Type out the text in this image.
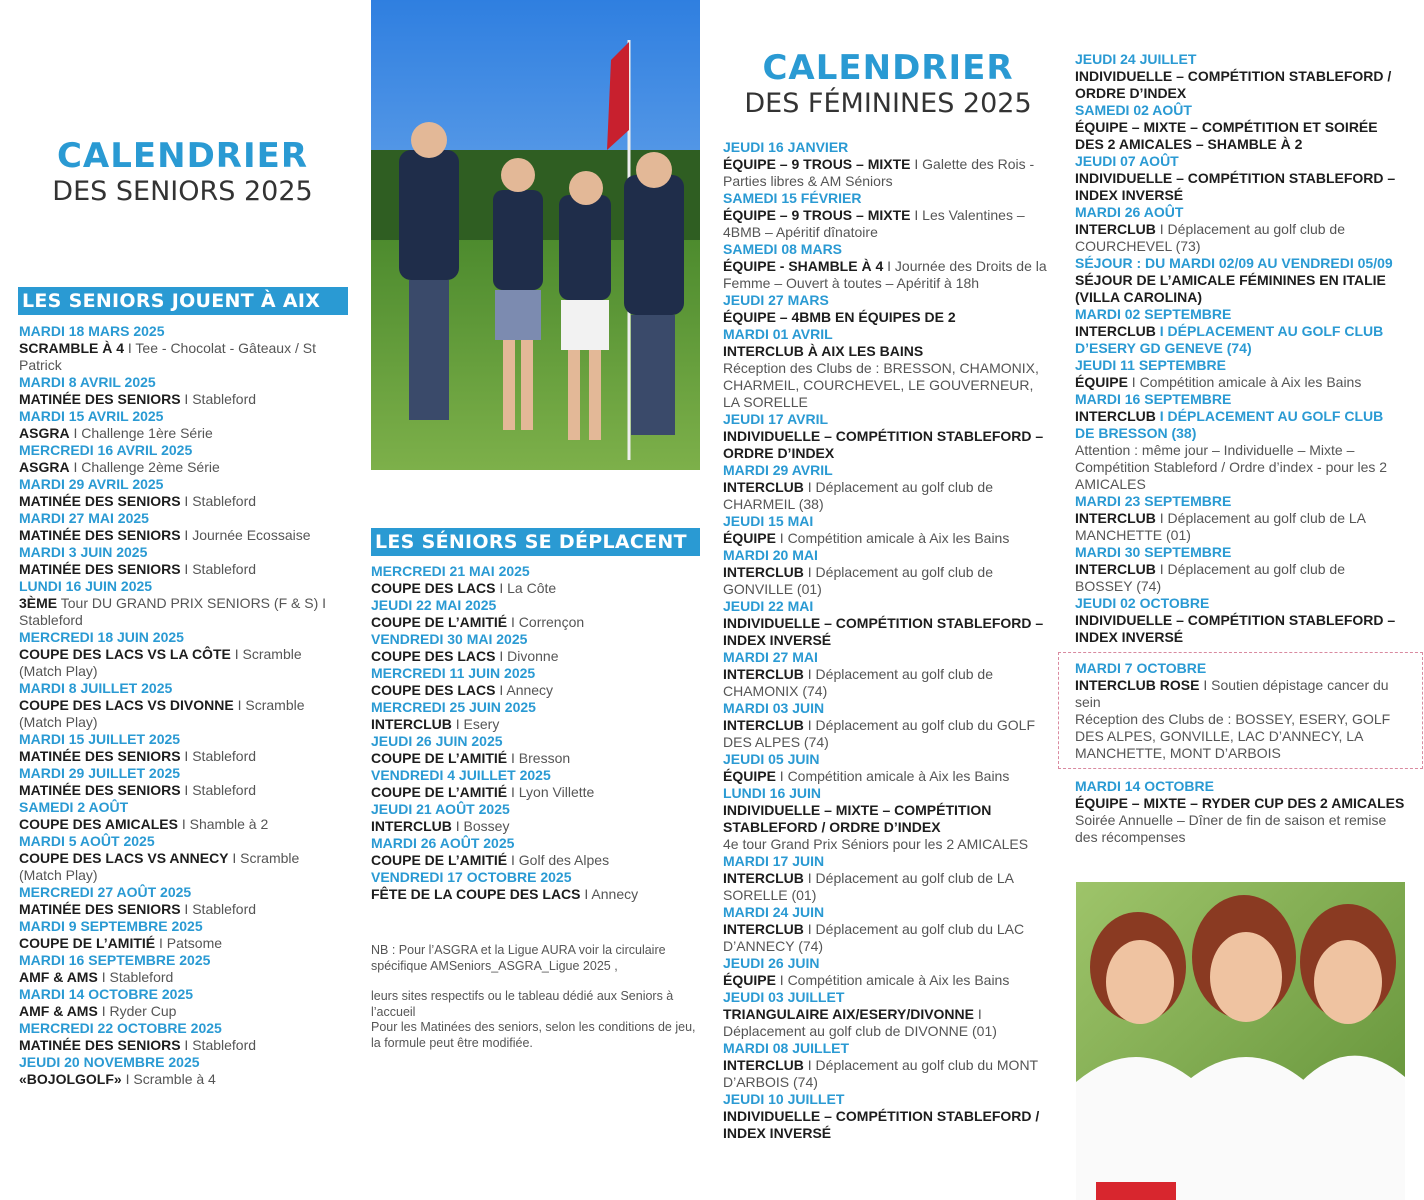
CALENDRIER
DES SENIORS 2025
LES SENIORS JOUENT À AIX
MARDI 18 MARS 2025
SCRAMBLE À 4 I Tee - Chocolat - Gâteaux / St Patrick
MARDI 8 AVRIL 2025
MATINÉE DES SENIORS I Stableford
MARDI 15 AVRIL 2025
ASGRA I Challenge 1ère Série
MERCREDI 16 AVRIL 2025
ASGRA I Challenge 2ème Série
MARDI 29 AVRIL 2025
MATINÉE DES SENIORS I Stableford
MARDI 27 MAI 2025
MATINÉE DES SENIORS I Journée Ecossaise
MARDI 3 JUIN 2025
MATINÉE DES SENIORS I Stableford
LUNDI 16 JUIN 2025
3ÈME Tour DU GRAND PRIX SENIORS (F & S) I Stableford
MERCREDI 18 JUIN 2025
COUPE DES LACS VS LA CÔTE I Scramble (Match Play)
MARDI 8 JUILLET 2025
COUPE DES LACS VS DIVONNE I Scramble (Match Play)
MARDI 15 JUILLET 2025
MATINÉE DES SENIORS I Stableford
MARDI 29 JUILLET 2025
MATINÉE DES SENIORS I Stableford
SAMEDI 2 AOÛT
COUPE DES AMICALES I Shamble à 2
MARDI 5 AOÛT 2025
COUPE DES LACS VS ANNECY I Scramble (Match Play)
MERCREDI 27 AOÛT 2025
MATINÉE DES SENIORS I Stableford
MARDI 9 SEPTEMBRE 2025
COUPE DE L’AMITIÉ I Patsome
MARDI 16 SEPTEMBRE 2025
AMF & AMS I Stableford
MARDI 14 OCTOBRE 2025
AMF & AMS I Ryder Cup
MERCREDI 22 OCTOBRE 2025
MATINÉE DES SENIORS I Stableford
JEUDI 20 NOVEMBRE 2025
«BOJOLGOLF» I Scramble à 4
LES SÉNIORS SE DÉPLACENT
MERCREDI 21 MAI 2025
COUPE DES LACS I La Côte
JEUDI 22 MAI 2025
COUPE DE L’AMITIÉ I Corrençon
VENDREDI 30 MAI 2025
COUPE DES LACS I Divonne
MERCREDI 11 JUIN 2025
COUPE DES LACS I Annecy
MERCREDI 25 JUIN 2025
INTERCLUB I Esery
JEUDI 26 JUIN 2025
COUPE DE L’AMITIÉ I Bresson
VENDREDI 4 JUILLET 2025
COUPE DE L’AMITIÉ I Lyon Villette
JEUDI 21 AOÛT 2025
INTERCLUB I Bossey
MARDI 26 AOÛT 2025
COUPE DE L’AMITIÉ I Golf des Alpes
VENDREDI 17 OCTOBRE 2025
FÊTE DE LA COUPE DES LACS I Annecy
NB : Pour l’ASGRA et la Ligue AURA voir la circulaire spécifique AMSeniors_ASGRA_Ligue 2025 ,
leurs sites respectifs ou le tableau dédié aux Seniors à l’accueil
Pour les Matinées des seniors, selon les conditions de jeu, la formule peut être modifiée.
CALENDRIER
DES FÉMININES 2025
JEUDI 16 JANVIER
ÉQUIPE – 9 TROUS – MIXTE I Galette des Rois - Parties libres & AM Séniors
SAMEDI 15 FÉVRIER
ÉQUIPE – 9 TROUS – MIXTE I Les Valentines – 4BMB – Apéritif dînatoire
SAMEDI 08 MARS
ÉQUIPE - SHAMBLE À 4 I Journée des Droits de la Femme – Ouvert à toutes – Apéritif à 18h
JEUDI 27 MARS
ÉQUIPE – 4BMB EN ÉQUIPES DE 2
MARDI 01 AVRIL
INTERCLUB À AIX LES BAINS
Réception des Clubs de : BRESSON, CHAMONIX, CHARMEIL, COURCHEVEL, LE GOUVERNEUR, LA SORELLE
JEUDI 17 AVRIL
INDIVIDUELLE – COMPÉTITION STABLEFORD – ORDRE D’INDEX
MARDI 29 AVRIL
INTERCLUB I Déplacement au golf club de CHARMEIL (38)
JEUDI 15 MAI
ÉQUIPE I Compétition amicale à Aix les Bains
MARDI 20 MAI
INTERCLUB I Déplacement au golf club de GONVILLE (01)
JEUDI 22 MAI
INDIVIDUELLE – COMPÉTITION STABLEFORD – INDEX INVERSÉ
MARDI 27 MAI
INTERCLUB I Déplacement au golf club de CHAMONIX (74)
MARDI 03 JUIN
INTERCLUB I Déplacement au golf club du GOLF DES ALPES (74)
JEUDI 05 JUIN
ÉQUIPE I Compétition amicale à Aix les Bains
LUNDI 16 JUIN
INDIVIDUELLE – MIXTE – COMPÉTITION STABLEFORD / ORDRE D’INDEX
4e tour Grand Prix Séniors pour les 2 AMICALES
MARDI 17 JUIN
INTERCLUB I Déplacement au golf club de LA SORELLE (01)
MARDI 24 JUIN
INTERCLUB I Déplacement au golf club du LAC D’ANNECY (74)
JEUDI 26 JUIN
ÉQUIPE I Compétition amicale à Aix les Bains
JEUDI 03 JUILLET
TRIANGULAIRE AIX/ESERY/DIVONNE I Déplacement au golf club de DIVONNE (01)
MARDI 08 JUILLET
INTERCLUB I Déplacement au golf club du MONT D’ARBOIS (74)
JEUDI 10 JUILLET
INDIVIDUELLE – COMPÉTITION STABLEFORD / INDEX INVERSÉ
JEUDI 24 JUILLET
INDIVIDUELLE – COMPÉTITION STABLEFORD / ORDRE D’INDEX
SAMEDI 02 AOÛT
ÉQUIPE – MIXTE – COMPÉTITION ET SOIRÉE DES 2 AMICALES – SHAMBLE À 2
JEUDI 07 AOÛT
INDIVIDUELLE – COMPÉTITION STABLEFORD – INDEX INVERSÉ
MARDI 26 AOÛT
INTERCLUB I Déplacement au golf club de COURCHEVEL (73)
SÉJOUR : DU MARDI 02/09 AU VENDREDI 05/09
SÉJOUR DE L’AMICALE FÉMININES EN ITALIE (VILLA CAROLINA)
MARDI 02 SEPTEMBRE
INTERCLUB I DÉPLACEMENT AU GOLF CLUB D’ESERY GD GENEVE (74)
JEUDI 11 SEPTEMBRE
ÉQUIPE I Compétition amicale à Aix les Bains
MARDI 16 SEPTEMBRE
INTERCLUB I DÉPLACEMENT AU GOLF CLUB DE BRESSON (38)
Attention : même jour – Individuelle – Mixte – Compétition Stableford / Ordre d’index - pour les 2 AMICALES
MARDI 23 SEPTEMBRE
INTERCLUB I Déplacement au golf club de LA MANCHETTE (01)
MARDI 30 SEPTEMBRE
INTERCLUB I Déplacement au golf club de BOSSEY (74)
JEUDI 02 OCTOBRE
INDIVIDUELLE – COMPÉTITION STABLEFORD – INDEX INVERSÉ
MARDI 7 OCTOBRE
INTERCLUB ROSE I Soutien dépistage cancer du sein
Réception des Clubs de : BOSSEY, ESERY, GOLF DES ALPES, GONVILLE, LAC D’ANNECY, LA MANCHETTE, MONT D’ARBOIS
MARDI 14 OCTOBRE
ÉQUIPE – MIXTE – RYDER CUP DES 2 AMICALES
Soirée Annuelle – Dîner de fin de saison et remise des récompenses
